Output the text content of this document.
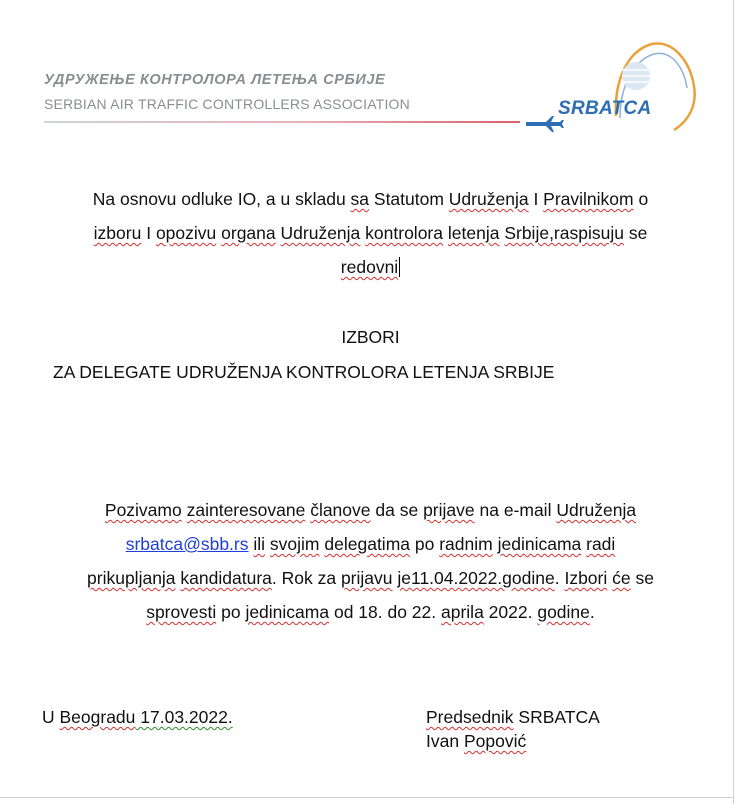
УДРУЖЕЊЕ КОНТРОЛОРА ЛЕТЕЊА СРБИЈЕ
SERBIAN AIR TRAFFIC CONTROLLERS ASSOCIATION	SRBATCA
Na osnovu odluke IO, a u skladu sa Statutom Udruženja I Pravilnikom o
izboru I opozivu organa Udruženja kontrolora letenja Srbije,raspisuju se
redovni
IZBORI
ZA DELEGATE UDRUŽENJA KONTROLORA LETENJA SRBIJE
Pozivamo zainteresovane članove da se prijave na e-mail Udruženja
srbatca@sbb.rs ili svojim delegatima po radnim jedinicama radi
prikupljanja kandidatura. Rok za prijavu je11.04.2022.godine. Izbori će se
sprovesti po jedinicama od 18. do 22. aprila 2022. godine.
U Beogradu 17.03.2022.	Predsednik SRBATCA
Ivan Popović
